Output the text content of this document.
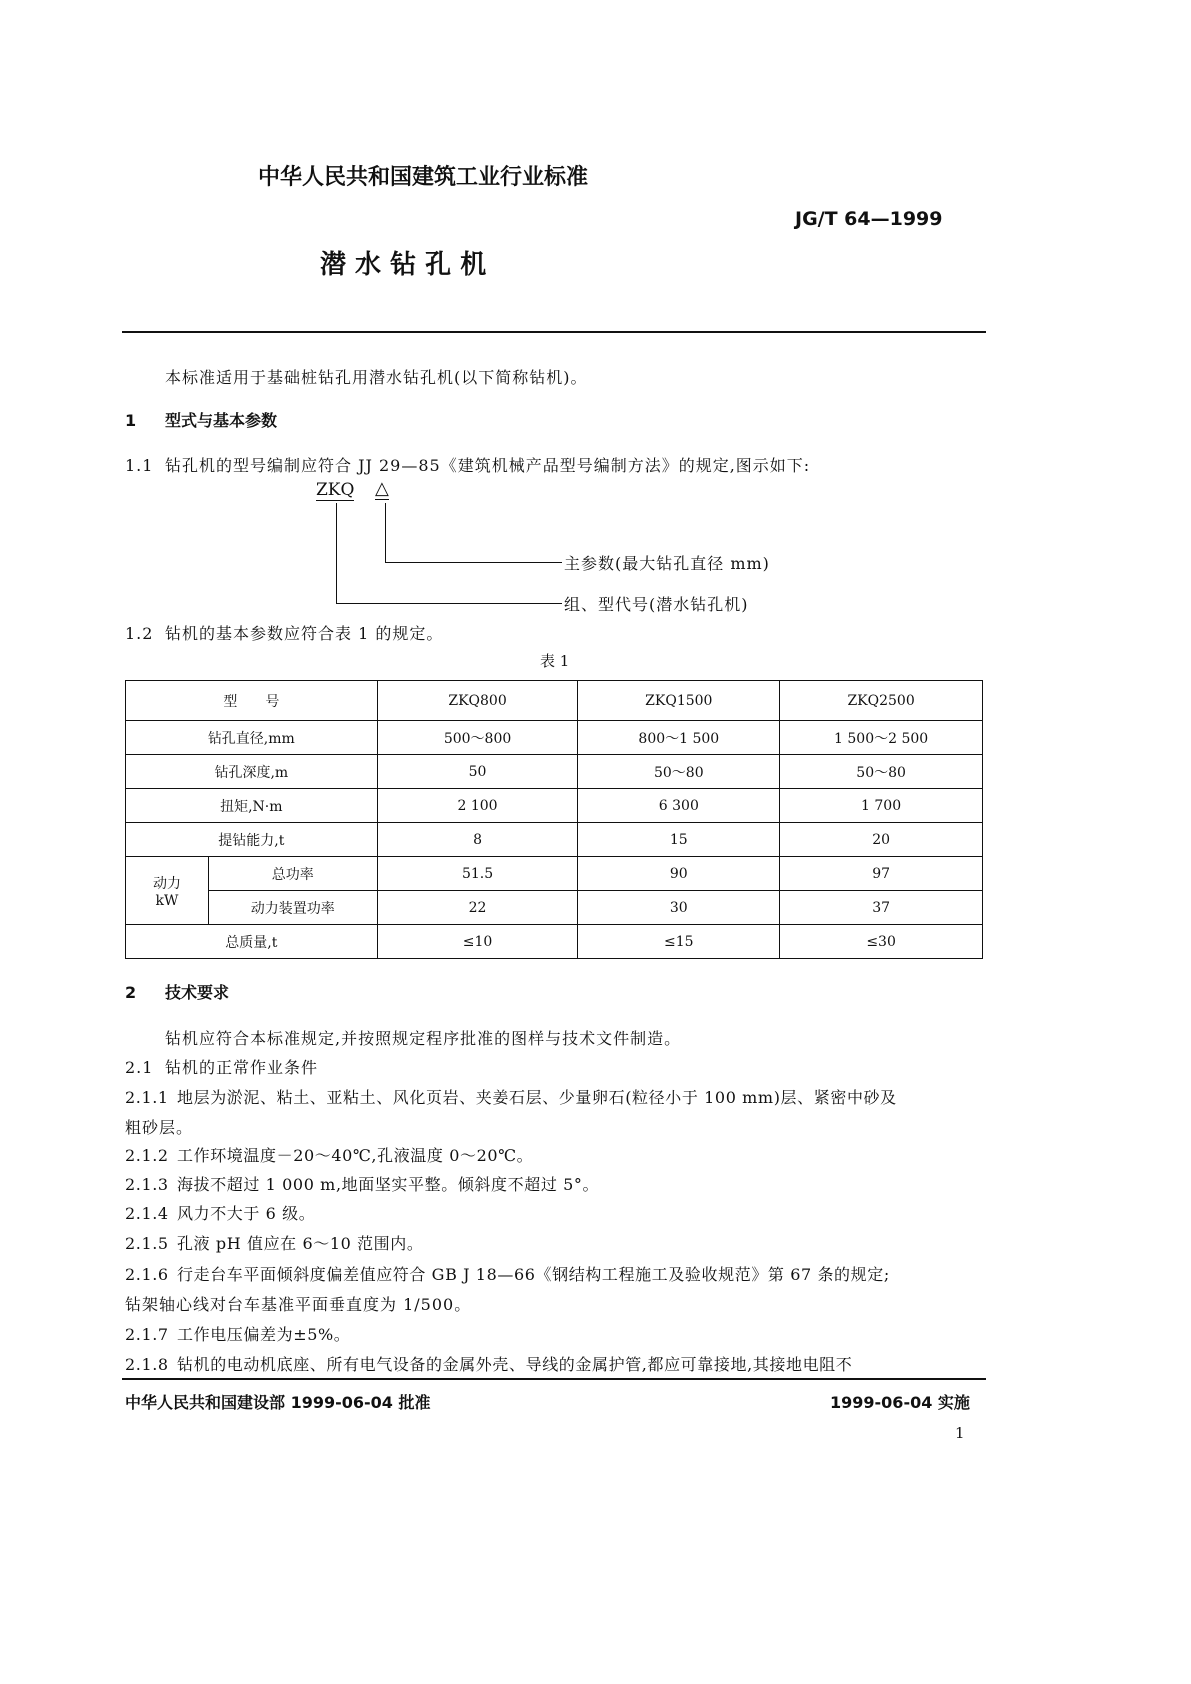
中华人民共和国建筑工业行业标准
JG/T 64—1999
潜 水 钻 孔 机
本标准适用于基础桩钻孔用潜水钻孔机(以下简称钻机)。
1 型式与基本参数
1.1 钻孔机的型号编制应符合 JJ 29—85《建筑机械产品型号编制方法》的规定,图示如下:
ZKQ △
主参数(最大钻孔直径 mm)
组、型代号(潜水钻孔机)
1.2 钻机的基本参数应符合表 1 的规定。
表 1
型　　号		ZKQ800	ZKQ1500	ZKQ2500
钻孔直径,mm		500～800	800～1 500	1 500～2 500
钻孔深度,m		50	50～80	50～80
扭矩,N·m		2 100	6 300	1 700
提钻能力,t		8	15	20
动力
kW	总功率	51.5	90	97
	动力装置功率	22	30	37
总质量,t		≤10	≤15	≤30
2 技术要求
钻机应符合本标准规定,并按照规定程序批准的图样与技术文件制造。
2.1 钻机的正常作业条件
2.1.1 地层为淤泥、粘土、亚粘土、风化页岩、夹姜石层、少量卵石(粒径小于 100 mm)层、紧密中砂及
粗砂层。
2.1.2 工作环境温度－20～40℃,孔液温度 0～20℃。
2.1.3 海拔不超过 1 000 m,地面坚实平整。倾斜度不超过 5°。
2.1.4 风力不大于 6 级。
2.1.5 孔液 pH 值应在 6～10 范围内。
2.1.6 行走台车平面倾斜度偏差值应符合 GB J 18—66《钢结构工程施工及验收规范》第 67 条的规定;
钻架轴心线对台车基准平面垂直度为 1/500。
2.1.7 工作电压偏差为±5%。
2.1.8 钻机的电动机底座、所有电气设备的金属外壳、导线的金属护管,都应可靠接地,其接地电阻不
中华人民共和国建设部 1999-06-04 批准	1999-06-04 实施
1
